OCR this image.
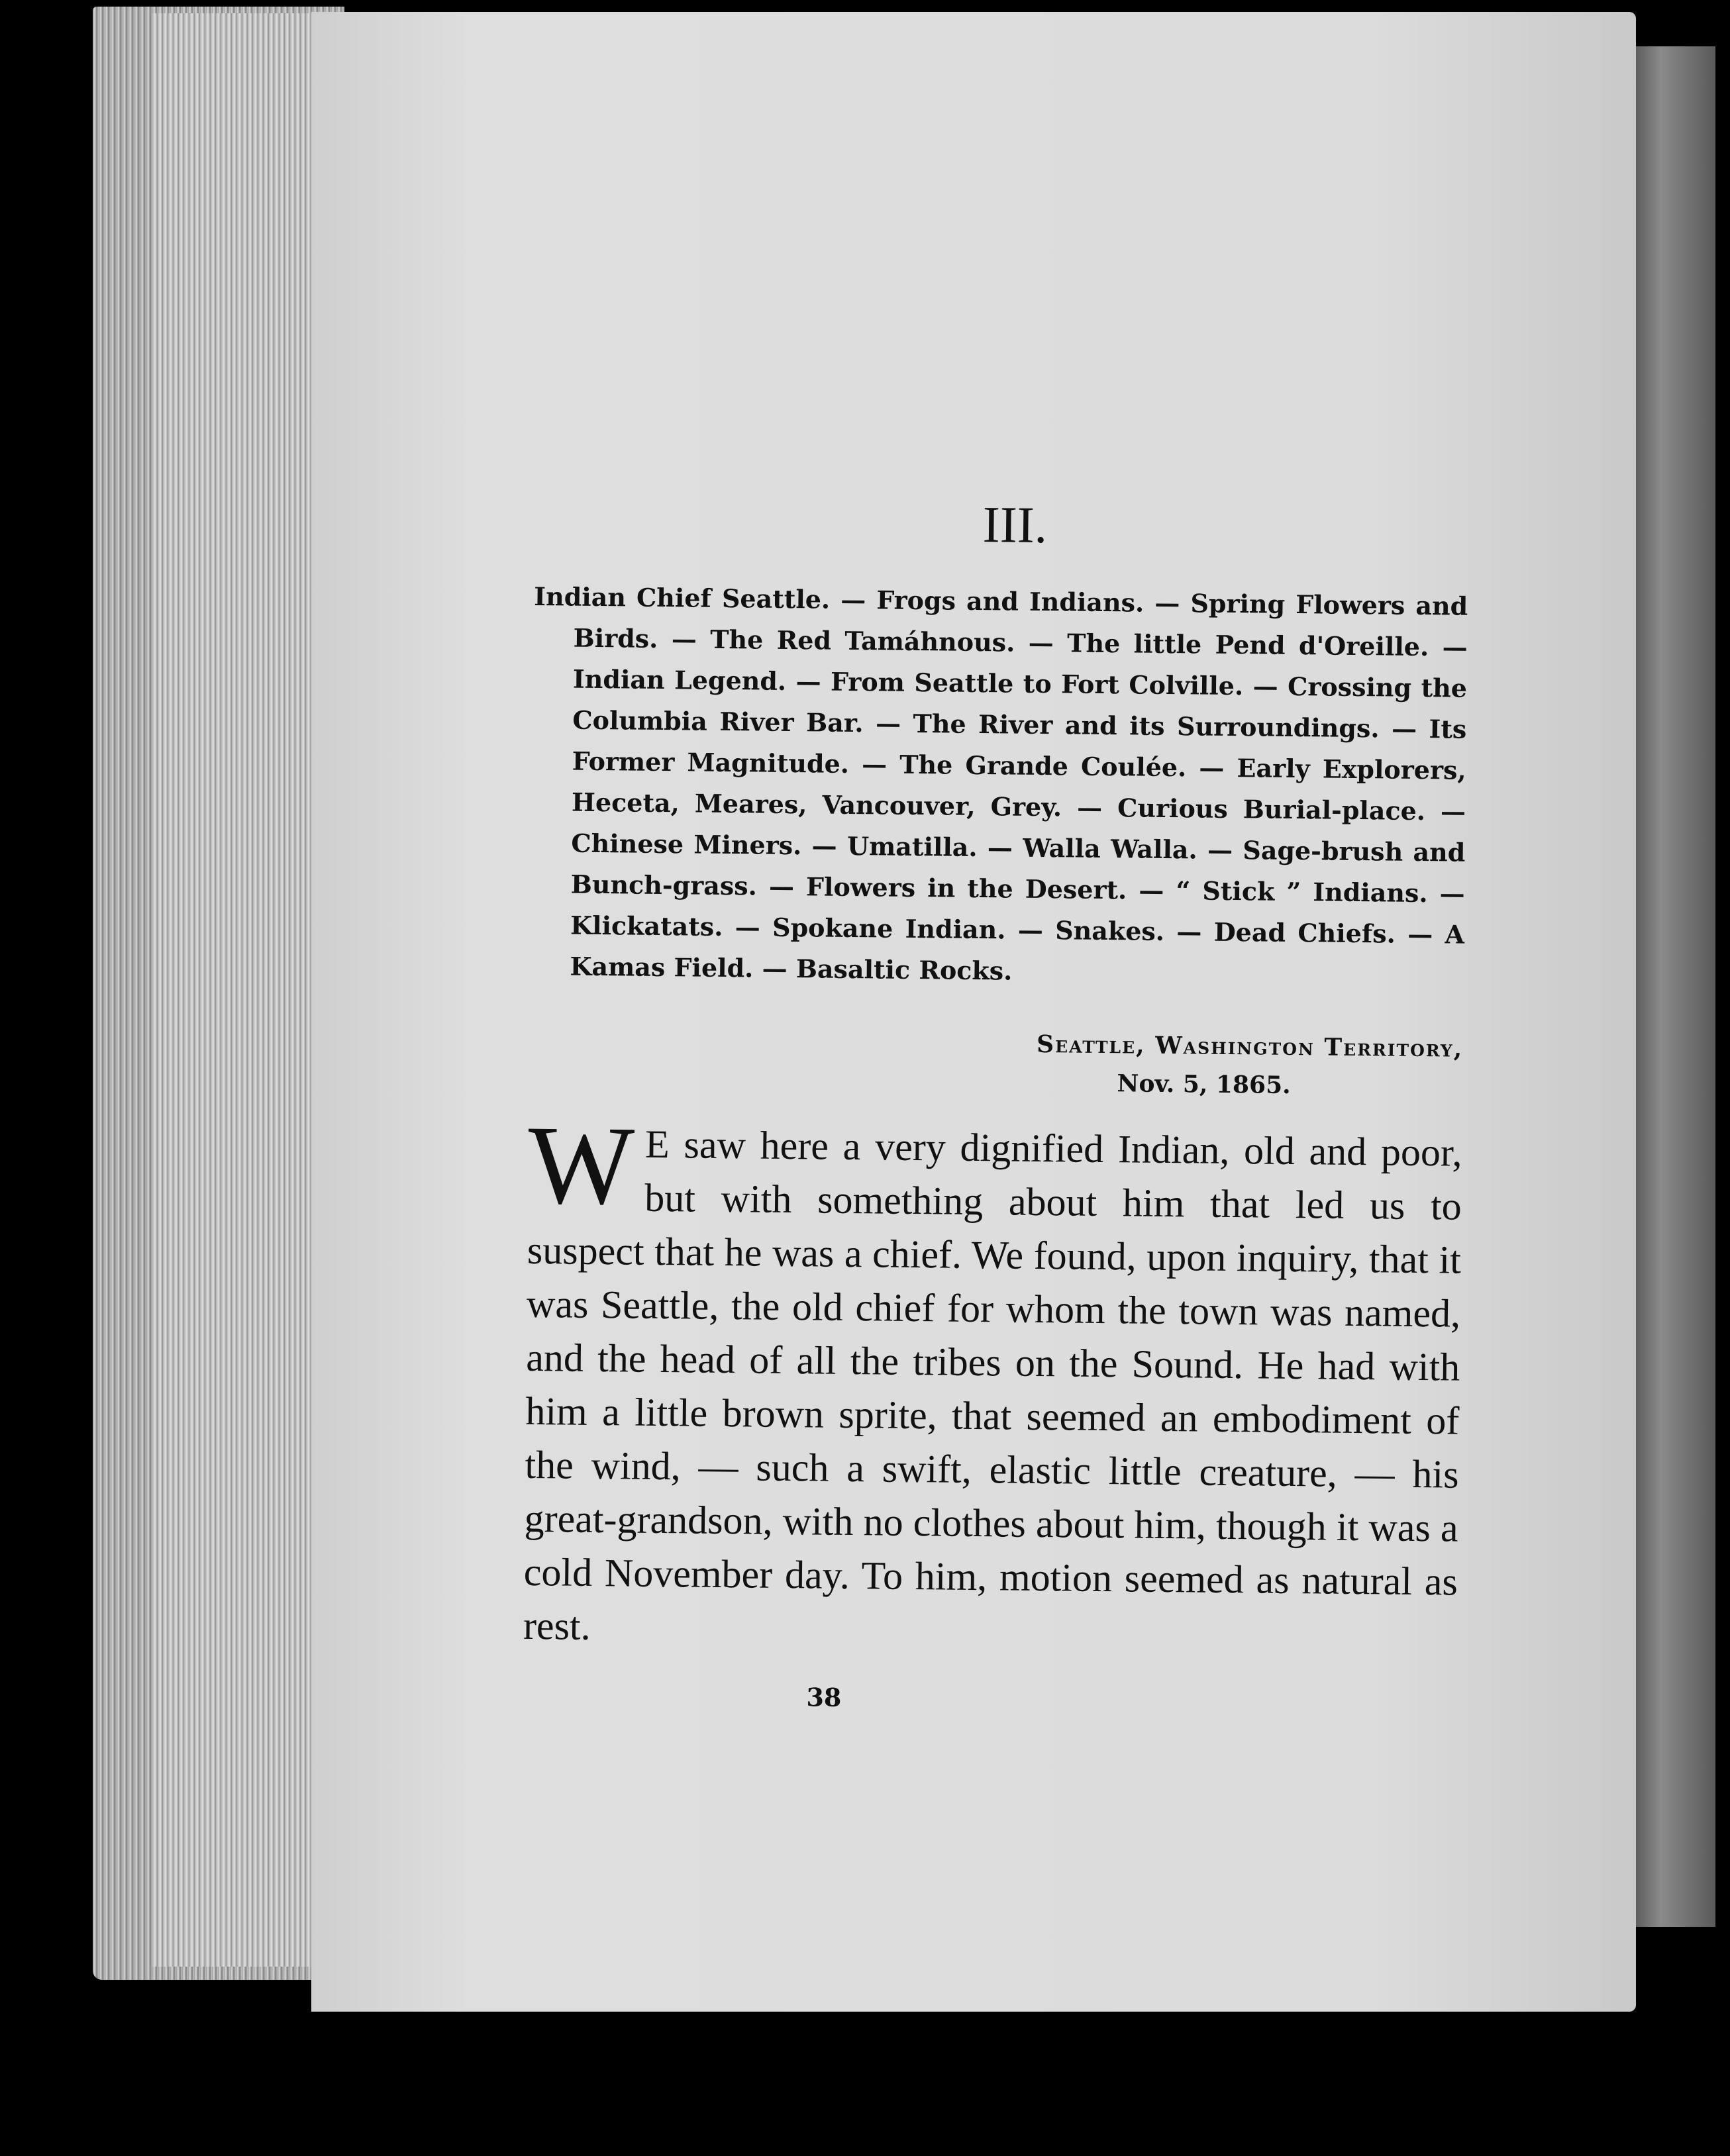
III.

Indian Chief Seattle. — Frogs and Indians. — Spring Flowers and Birds. — The Red Tamáhnous. — The little Pend d'Oreille. — Indian Legend. — From Seattle to Fort Colville. — Crossing the Columbia River Bar. — The River and its Surroundings. — Its Former Magnitude. — The Grande Coulée. — Early Explorers, Heceta, Meares, Vancouver, Grey. — Curious Burial-place. — Chinese Miners. — Umatilla. — Walla Walla. — Sage-brush and Bunch-grass. — Flowers in the Desert. — “ Stick ” Indians. — Klickatats. — Spokane Indian. — Snakes. — Dead Chiefs. — A Kamas Field. — Basaltic Rocks.

Seattle, Washington Territory,
Nov. 5, 1865.
W E saw here a very dignified Indian, old and poor, but with something about him that led us to suspect that he was a chief. We found, upon inquiry, that it was Seattle, the old chief for whom the town was named, and the head of all the tribes on the Sound. He had with him a little brown sprite, that seemed an embodiment of the wind, — such a swift, elastic little creature, — his great-grandson, with no clothes about him, though it was a cold November day. To him, motion seemed as natural as rest.
38
